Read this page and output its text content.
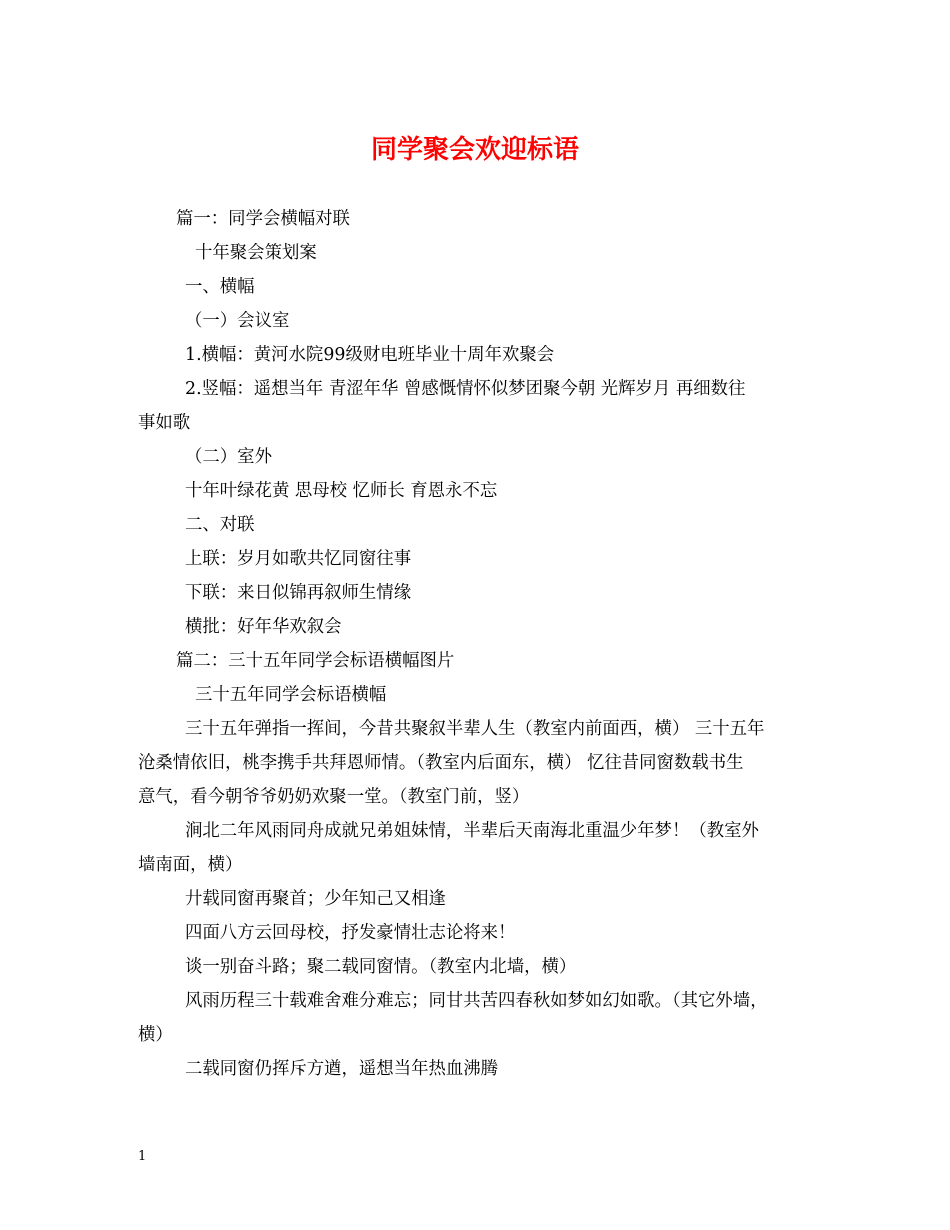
同学聚会欢迎标语
篇一：同学会横幅对联
十年聚会策划案
一、横幅
（一）会议室
1.横幅：黄河水院99级财电班毕业十周年欢聚会
2.竖幅：遥想当年 青涩年华 曾感慨情怀似梦团聚今朝 光辉岁月 再细数往
事如歌
（二）室外
十年叶绿花黄 思母校 忆师长 育恩永不忘
二、对联
上联：岁月如歌共忆同窗往事
下联：来日似锦再叙师生情缘
横批：好年华欢叙会
篇二：三十五年同学会标语横幅图片
三十五年同学会标语横幅
三十五年弹指一挥间，今昔共聚叙半辈人生（教室内前面西，横） 三十五年
沧桑情依旧，桃李携手共拜恩师情。（教室内后面东，横） 忆往昔同窗数载书生
意气，看今朝爷爷奶奶欢聚一堂。（教室门前，竖）
涧北二年风雨同舟成就兄弟姐妹情，半辈后天南海北重温少年梦！（教室外
墙南面，横）
廾载同窗再聚首；少年知己又相逢
四面八方云回母校，抒发豪情壮志论将来！
谈一别奋斗路；聚二载同窗情。（教室内北墙，横）
风雨历程三十载难舍难分难忘；同甘共苦四春秋如梦如幻如歌。（其它外墙，
横）
二载同窗仍挥斥方遒，遥想当年热血沸腾
1
